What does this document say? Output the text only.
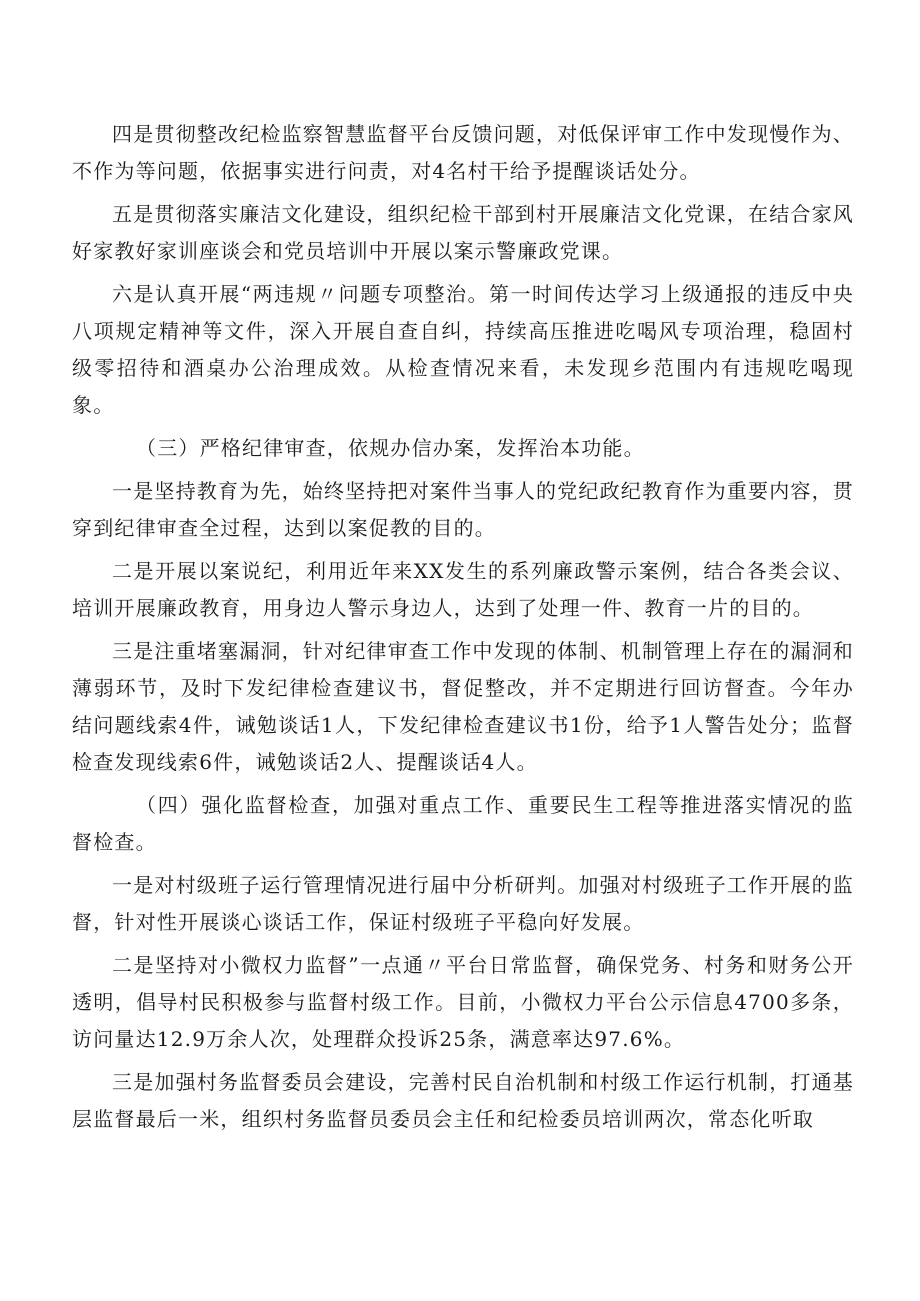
四是贯彻整改纪检监察智慧监督平台反馈问题，对低保评审工作中发现慢作为、不作为等问题，依据事实进行问责，对4名村干给予提醒谈话处分。

五是贯彻落实廉洁文化建设，组织纪检干部到村开展廉洁文化党课，在结合家风好家教好家训座谈会和党员培训中开展以案示警廉政党课。

六是认真开展“两违规〃问题专项整治。第一时间传达学习上级通报的违反中央八项规定精神等文件，深入开展自查自纠，持续高压推进吃喝风专项治理，稳固村级零招待和酒桌办公治理成效。从检查情况来看，未发现乡范围内有违规吃喝现象。

（三）严格纪律审查，依规办信办案，发挥治本功能。

一是坚持教育为先，始终坚持把对案件当事人的党纪政纪教育作为重要内容，贯穿到纪律审查全过程，达到以案促教的目的。

二是开展以案说纪，利用近年来XX发生的系列廉政警示案例，结合各类会议、培训开展廉政教育，用身边人警示身边人，达到了处理一件、教育一片的目的。

三是注重堵塞漏洞，针对纪律审查工作中发现的体制、机制管理上存在的漏洞和薄弱环节，及时下发纪律检查建议书，督促整改，并不定期进行回访督查。今年办结问题线索4件，诫勉谈话1人，下发纪律检查建议书1份，给予1人警告处分；监督检查发现线索6件，诫勉谈话2人、提醒谈话4人。

（四）强化监督检查，加强对重点工作、重要民生工程等推进落实情况的监督检查。

一是对村级班子运行管理情况进行届中分析研判。加强对村级班子工作开展的监督，针对性开展谈心谈话工作，保证村级班子平稳向好发展。

二是坚持对小微权力监督”一点通〃平台日常监督，确保党务、村务和财务公开透明，倡导村民积极参与监督村级工作。目前，小微权力平台公示信息4700多条，访问量达12.9万余人次，处理群众投诉25条，满意率达97.6%。

三是加强村务监督委员会建设，完善村民自治机制和村级工作运行机制，打通基层监督最后一米，组织村务监督员委员会主任和纪检委员培训两次，常态化听取
